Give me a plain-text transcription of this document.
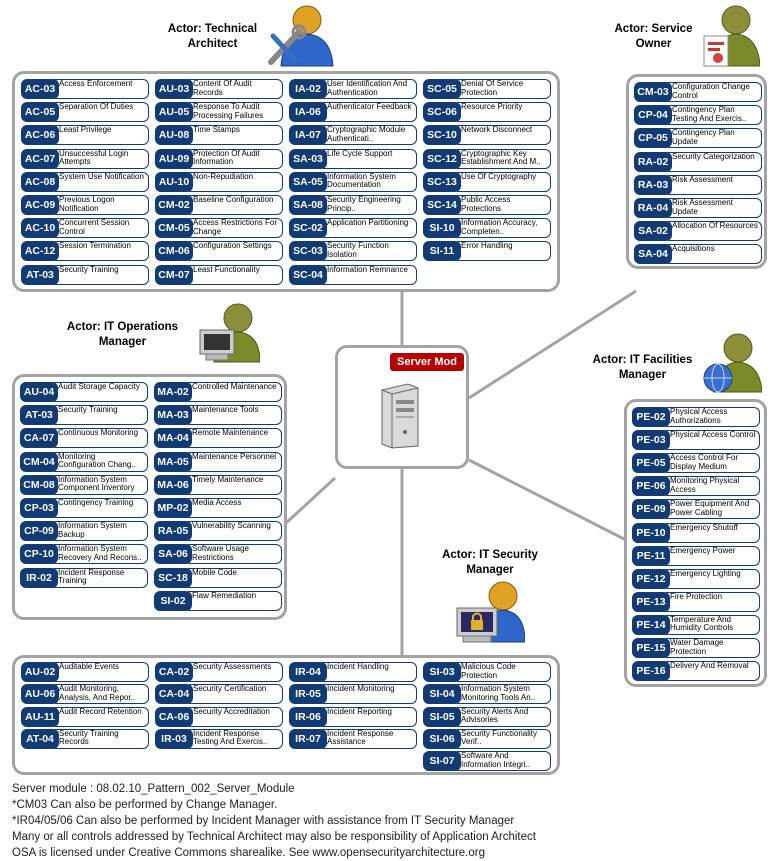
Actor: Technical
Architect
Actor: Service
Owner
Actor: IT Operations
Manager
Actor: IT Facilities
Manager
Actor: IT Security
Manager
Server Mod
Access Enforcement
AC-03
Separation Of Duties
AC-05
Least Privilege
AC-06
Unsuccessful Login Attempts
AC-07
System Use Notification
AC-08
Previous Logon Notification
AC-09
Concurrent Session Control
AC-10
Session Termination
AC-12
Security Training
AT-03
Content Of Audit Records
AU-03
Response To Audit Processing Failures
AU-05
Time Stamps
AU-08
Protection Of Audit Information
AU-09
Non-Repudiation
AU-10
Baseline Configuration
CM-02
Access Restrictions For Change
CM-05
Configuration Settings
CM-06
Least Functionality
CM-07
User Identification And Authentication
IA-02
Authenticator Feedback
IA-06
Cryptographic Module Authenticati..
IA-07
Life Cycle Support
SA-03
Information System Documentation
SA-05
Security Engineering Princip..
SA-08
Application Partitioning
SC-02
Security Function Isolation
SC-03
Information Remnance
SC-04
Denial Of Service Protection
SC-05
Resource Priority
SC-06
Network Disconnect
SC-10
Cryptographic Key Establishment And M..
SC-12
Use Of Cryptography
SC-13
Public Access Protections
SC-14
Information Accuracy, Completen..
SI-10
Error Handling
SI-11
Configuration Change Control
CM-03
Contingency Plan Testing And Exercis..
CP-04
Contingency Plan Update
CP-05
Security Categorization
RA-02
Risk Assessment
RA-03
Risk Assessment Update
RA-04
Allocation Of Resources
SA-02
Acquisitions
SA-04
Audit Storage Capacity
AU-04
Security Training
AT-03
Continuous Monitoring
CA-07
Monitoring Configuration Chang..
CM-04
Information System Component Inventory
CM-08
Contingency Training
CP-03
Information System Backup
CP-09
Information System Recovery And Recons..
CP-10
Incident Response Training
IR-02
Controlled Maintenance
MA-02
Maintenance Tools
MA-03
Remote Maintenance
MA-04
Maintenance Personnel
MA-05
Timely Maintenance
MA-06
Media Access
MP-02
Vulnerability Scanning
RA-05
Software Usage Restrictions
SA-06
Mobile Code
SC-18
Flaw Remediation
SI-02
Physical Access Authorizations
PE-02
Physical Access Control
PE-03
Access Control For Display Medium
PE-05
Monitoring Physical Access
PE-06
Power Equipment And Power Cabling
PE-09
Emergency Shutoff
PE-10
Emergency Power
PE-11
Emergency Lighting
PE-12
Fire Protection
PE-13
Temperature And Humidity Controls
PE-14
Water Damage Protection
PE-15
Delivery And Removal
PE-16
Auditable Events
AU-02
Audit Monitoring, Analysis, And Repor..
AU-06
Audit Record Retention
AU-11
Security Training Records
AT-04
Security Assessments
CA-02
Security Certification
CA-04
Security Accreditation
CA-06
Incident Response Testing And Exercis..
IR-03
Incident Handling
IR-04
Incident Monitoring
IR-05
Incident Reporting
IR-06
Incident Response Assistance
IR-07
Malicious Code Protection
SI-03
Information System Monitoring Tools An..
SI-04
Security Alerts And Advisories
SI-05
Security Functionality Verif..
SI-06
Software And Information Integri..
SI-07
Server module : 08.02.10_Pattern_002_Server_Module
*CM03 Can also be performed by Change Manager.
*IR04/05/06 Can also be performed by Incident Manager with assistance from IT Security Manager
Many or all controls addressed by Technical Architect may also be responsibility of Application Architect
OSA is licensed under Creative Commons sharealike. See www.opensecurityarchitecture.org
